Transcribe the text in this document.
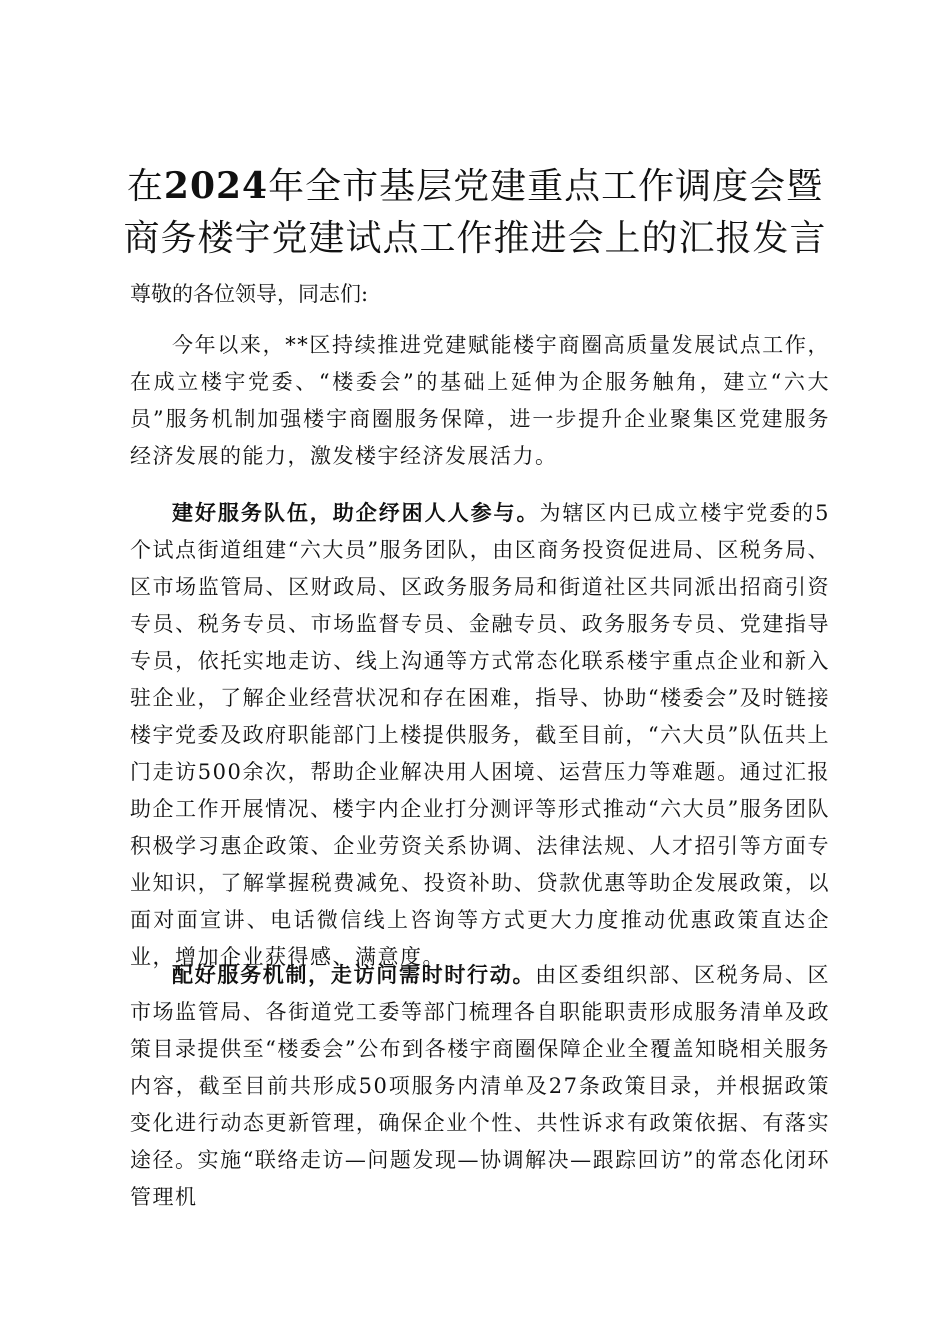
在2024年全市基层党建重点工作调度会暨商务楼宇党建试点工作推进会上的汇报发言

尊敬的各位领导，同志们:

今年以来，**区持续推进党建赋能楼宇商圈高质量发展试点工作，在成立楼宇党委、“楼委会”的基础上延伸为企服务触角，建立“六大员”服务机制加强楼宇商圈服务保障，进一步提升企业聚集区党建服务经济发展的能力，激发楼宇经济发展活力。

建好服务队伍，助企纾困人人参与。为辖区内已成立楼宇党委的5个试点街道组建“六大员”服务团队，由区商务投资促进局、区税务局、区市场监管局、区财政局、区政务服务局和街道社区共同派出招商引资专员、税务专员、市场监督专员、金融专员、政务服务专员、党建指导专员，依托实地走访、线上沟通等方式常态化联系楼宇重点企业和新入驻企业，了解企业经营状况和存在困难，指导、协助“楼委会”及时链接楼宇党委及政府职能部门上楼提供服务，截至目前，“六大员”队伍共上门走访500余次，帮助企业解决用人困境、运营压力等难题。通过汇报助企工作开展情况、楼宇内企业打分测评等形式推动“六大员”服务团队积极学习惠企政策、企业劳资关系协调、法律法规、人才招引等方面专业知识，了解掌握税费减免、投资补助、贷款优惠等助企发展政策，以面对面宣讲、电话微信线上咨询等方式更大力度推动优惠政策直达企业，增加企业获得感、满意度。

配好服务机制，走访问需时时行动。由区委组织部、区税务局、区市场监管局、各街道党工委等部门梳理各自职能职责形成服务清单及政策目录提供至“楼委会”公布到各楼宇商圈保障企业全覆盖知晓相关服务内容，截至目前共形成50项服务内清单及27条政策目录，并根据政策变化进行动态更新管理，确保企业个性、共性诉求有政策依据、有落实途径。实施“联络走访—问题发现—协调解决—跟踪回访”的常态化闭环管理机
